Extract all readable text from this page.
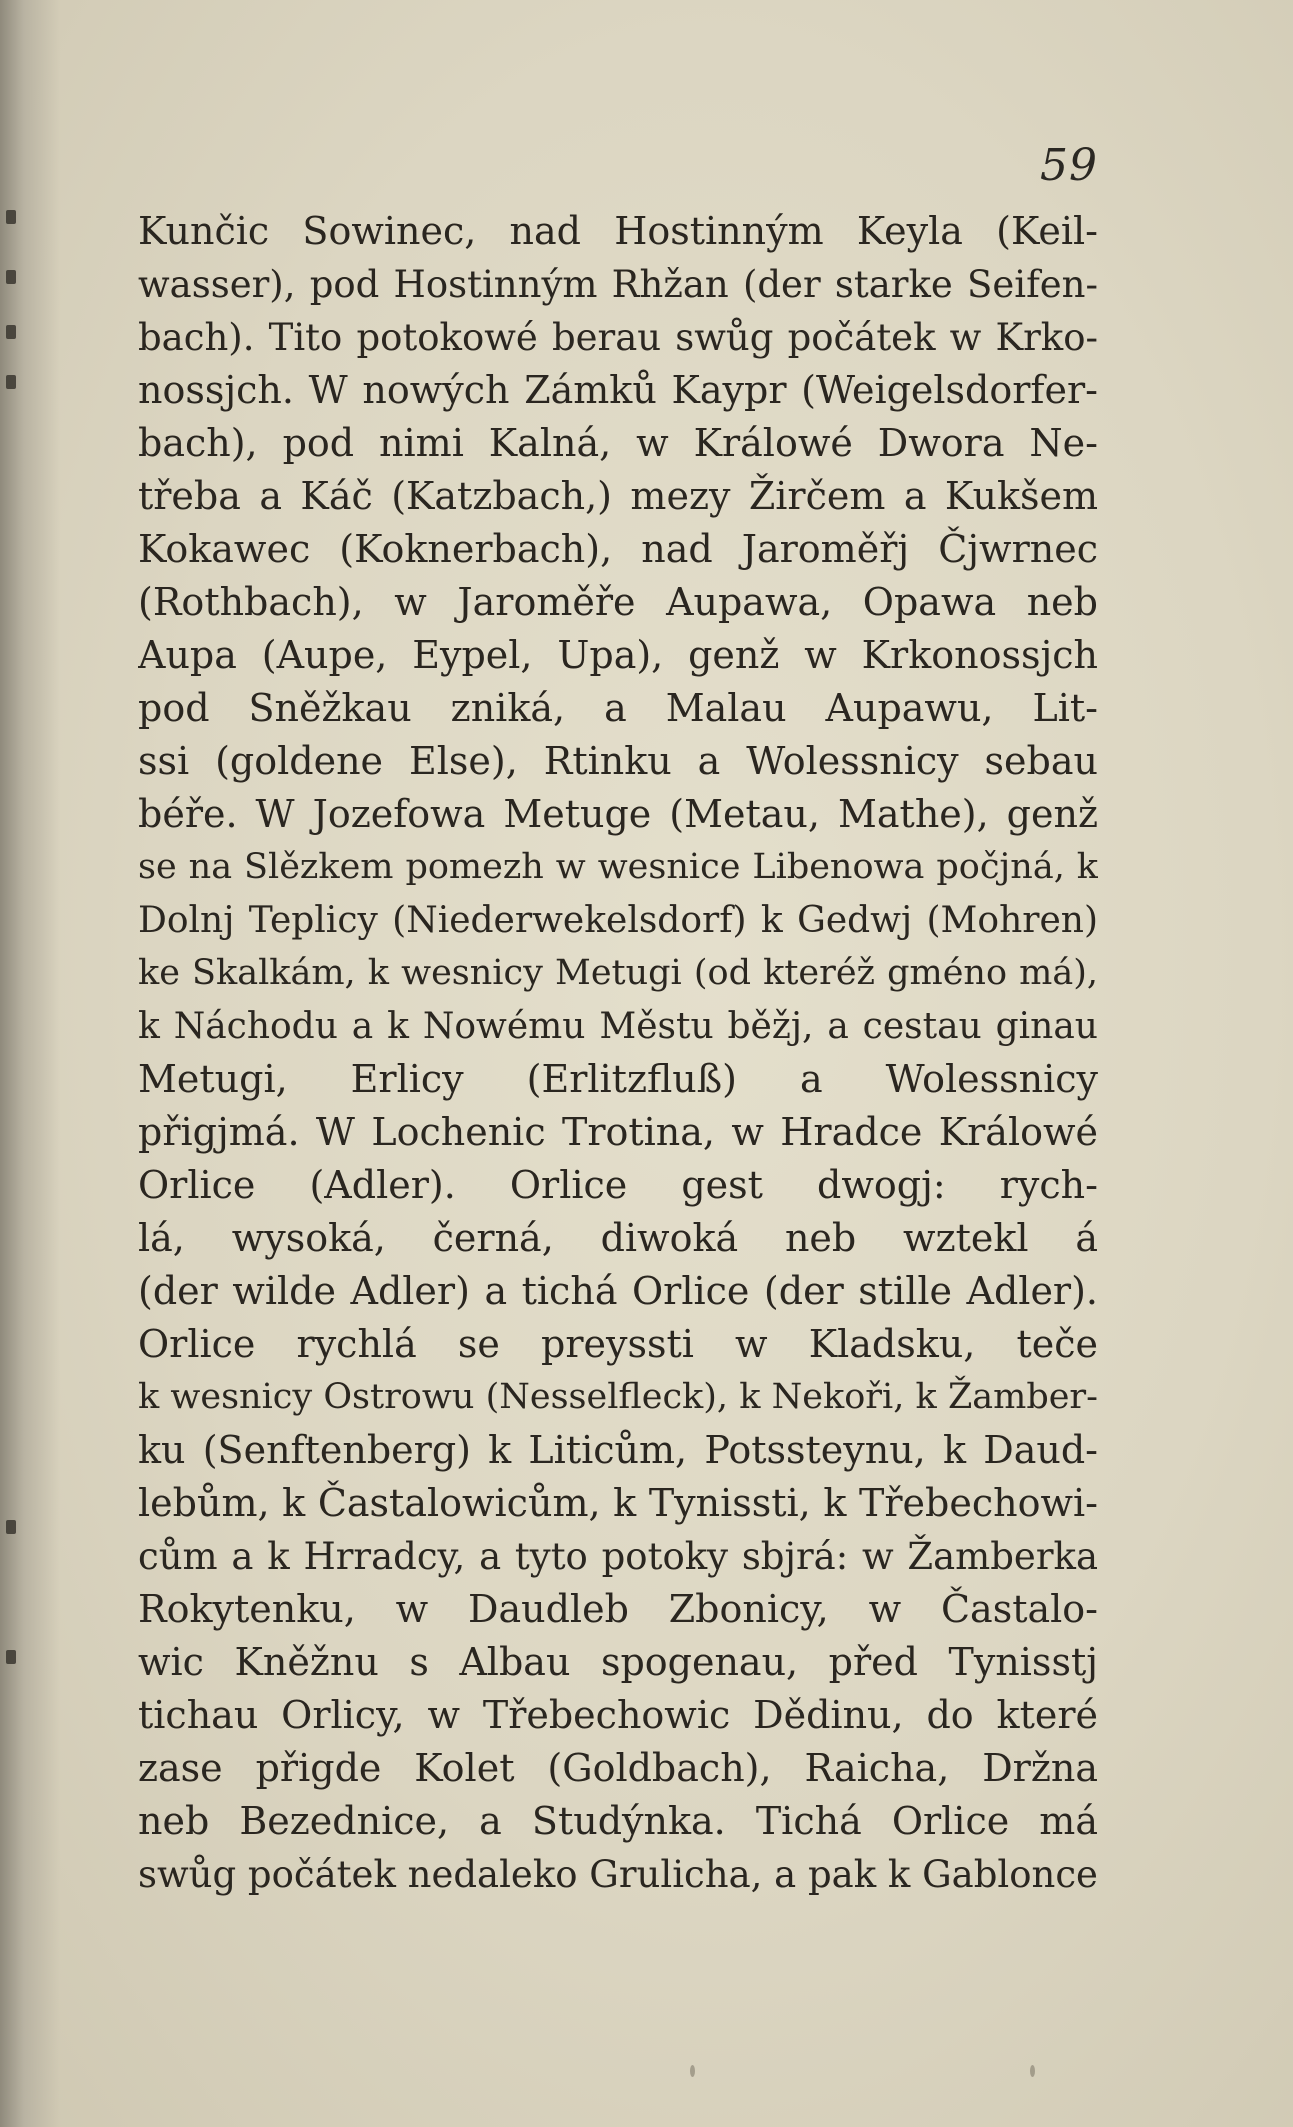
59
Kunčic Sowinec, nad Hostinným Keyla (Keil-
wasser), pod Hostinným Rhžan (der starke Seifen-
bach). Tito potokowé berau swůg počátek w Krko-
nossjch. W nowých Zámků Kaypr (Weigelsdorfer-
bach), pod nimi Kalná, w Králowé Dwora Ne-
třeba a Káč (Katzbach,) mezy Žirčem a Kukšem
Kokawec (Koknerbach), nad Jaroměřj Čjwrnec
(Rothbach), w Jaroměře Aupawa, Opawa neb
Aupa (Aupe, Eypel, Upa), genž w Krkonossjch
pod Sněžkau zniká, a Malau Aupawu, Lit-
ssi (goldene Else), Rtinku a Wolessnicy sebau
béře. W Jozefowa Metuge (Metau, Mathe), genž
se na Slězkem pomezh w wesnice Libenowa počjná, k
Dolnj Teplicy (Niederwekelsdorf) k Gedwj (Mohren)
ke Skalkám, k wesnicy Metugi (od kteréž gméno má),
k Náchodu a k Nowému Městu běžj, a cestau ginau
Metugi, Erlicy (Erlitzfluß) a Wolessnicy
přigjmá. W Lochenic Trotina, w Hradce Králowé
Orlice (Adler). Orlice gest dwogj: rych-
lá, wysoká, černá, diwoká neb wztekl á
(der wilde Adler) a tichá Orlice (der stille Adler).
Orlice rychlá se preyssti w Kladsku, teče
k wesnicy Ostrowu (Nesselfleck), k Nekoři, k Žamber-
ku (Senftenberg) k Liticům, Potssteynu, k Daud-
lebům, k Častalowicům, k Tynissti, k Třebechowi-
cům a k Hrradcy, a tyto potoky sbjrá: w Žamberka
Rokytenku, w Daudleb Zbonicy, w Častalo-
wic Kněžnu s Albau spogenau, před Tynisstj
tichau Orlicy, w Třebechowic Dědinu, do které
zase přigde Kolet (Goldbach), Raicha, Držna
neb Bezednice, a Studýnka. Tichá Orlice má
swůg počátek nedaleko Grulicha, a pak k Gablonce
